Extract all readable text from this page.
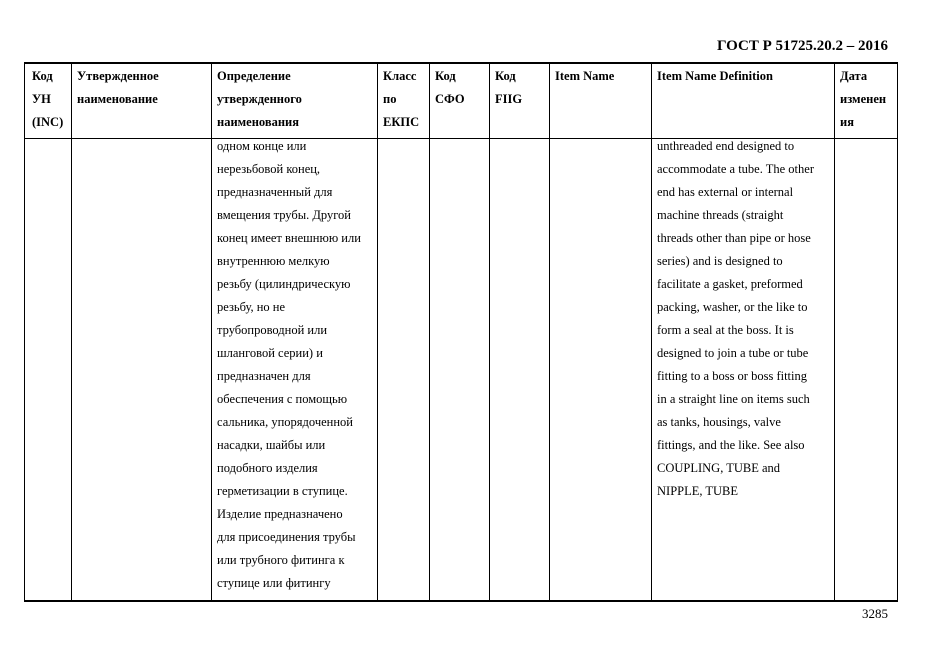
ГОСТ Р 51725.20.2 – 2016
Код
УН
(INC)
Утвержденное
наименование
Определение
утвержденного
наименования
Класс
по
ЕКПС
Код
СФО
Код
FIIG
Item Name	Item Name Definition	Дата
изменен
ия
одном конце или
нерезьбовой конец,
предназначенный для
вмещения трубы. Другой
конец имеет внешнюю или
внутреннюю мелкую
резьбу (цилиндрическую
резьбу, но не
трубопроводной или
шланговой серии) и
предназначен для
обеспечения с помощью
сальника, упорядоченной
насадки, шайбы или
подобного изделия
герметизации в ступице.
Изделие предназначено
для присоединения трубы
или трубного фитинга к
ступице или фитингу
unthreaded end designed to
accommodate a tube. The other
end has external or internal
machine threads (straight
threads other than pipe or hose
series) and is designed to
facilitate a gasket, preformed
packing, washer, or the like to
form a seal at the boss. It is
designed to join a tube or tube
fitting to a boss or boss fitting
in a straight line on items such
as tanks, housings, valve
fittings, and the like. See also
COUPLING, TUBE and
NIPPLE, TUBE
3285
